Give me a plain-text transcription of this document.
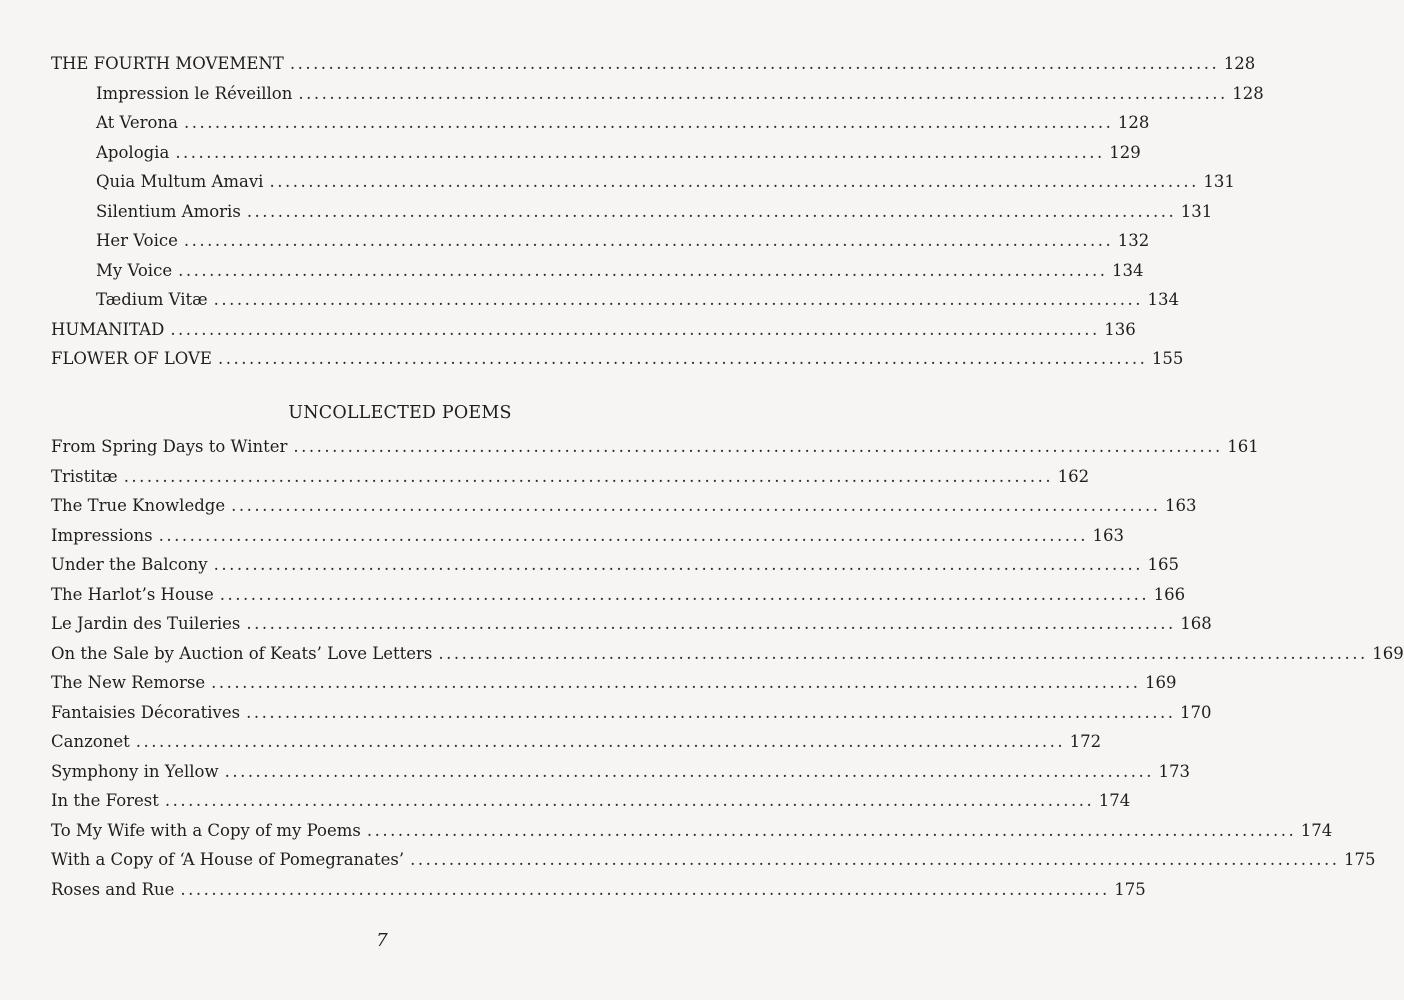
THE FOURTH MOVEMENT ........................................................................................................................ 128
Impression le Réveillon ........................................................................................................................ 128
At Verona ........................................................................................................................ 128
Apologia ........................................................................................................................ 129
Quia Multum Amavi ........................................................................................................................ 131
Silentium Amoris ........................................................................................................................ 131
Her Voice ........................................................................................................................ 132
My Voice ........................................................................................................................ 134
Tædium Vitæ ........................................................................................................................ 134
HUMANITAD ........................................................................................................................ 136
FLOWER OF LOVE ........................................................................................................................ 155
UNCOLLECTED POEMS
From Spring Days to Winter ........................................................................................................................ 161
Tristitæ ........................................................................................................................ 162
The True Knowledge ........................................................................................................................ 163
Impressions ........................................................................................................................ 163
Under the Balcony ........................................................................................................................ 165
The Harlot’s House ........................................................................................................................ 166
Le Jardin des Tuileries ........................................................................................................................ 168
On the Sale by Auction of Keats’ Love Letters ........................................................................................................................ 169
The New Remorse ........................................................................................................................ 169
Fantaisies Décoratives ........................................................................................................................ 170
Canzonet ........................................................................................................................ 172
Symphony in Yellow ........................................................................................................................ 173
In the Forest ........................................................................................................................ 174
To My Wife with a Copy of my Poems ........................................................................................................................ 174
With a Copy of ‘A House of Pomegranates’ ........................................................................................................................ 175
Roses and Rue ........................................................................................................................ 175
7
